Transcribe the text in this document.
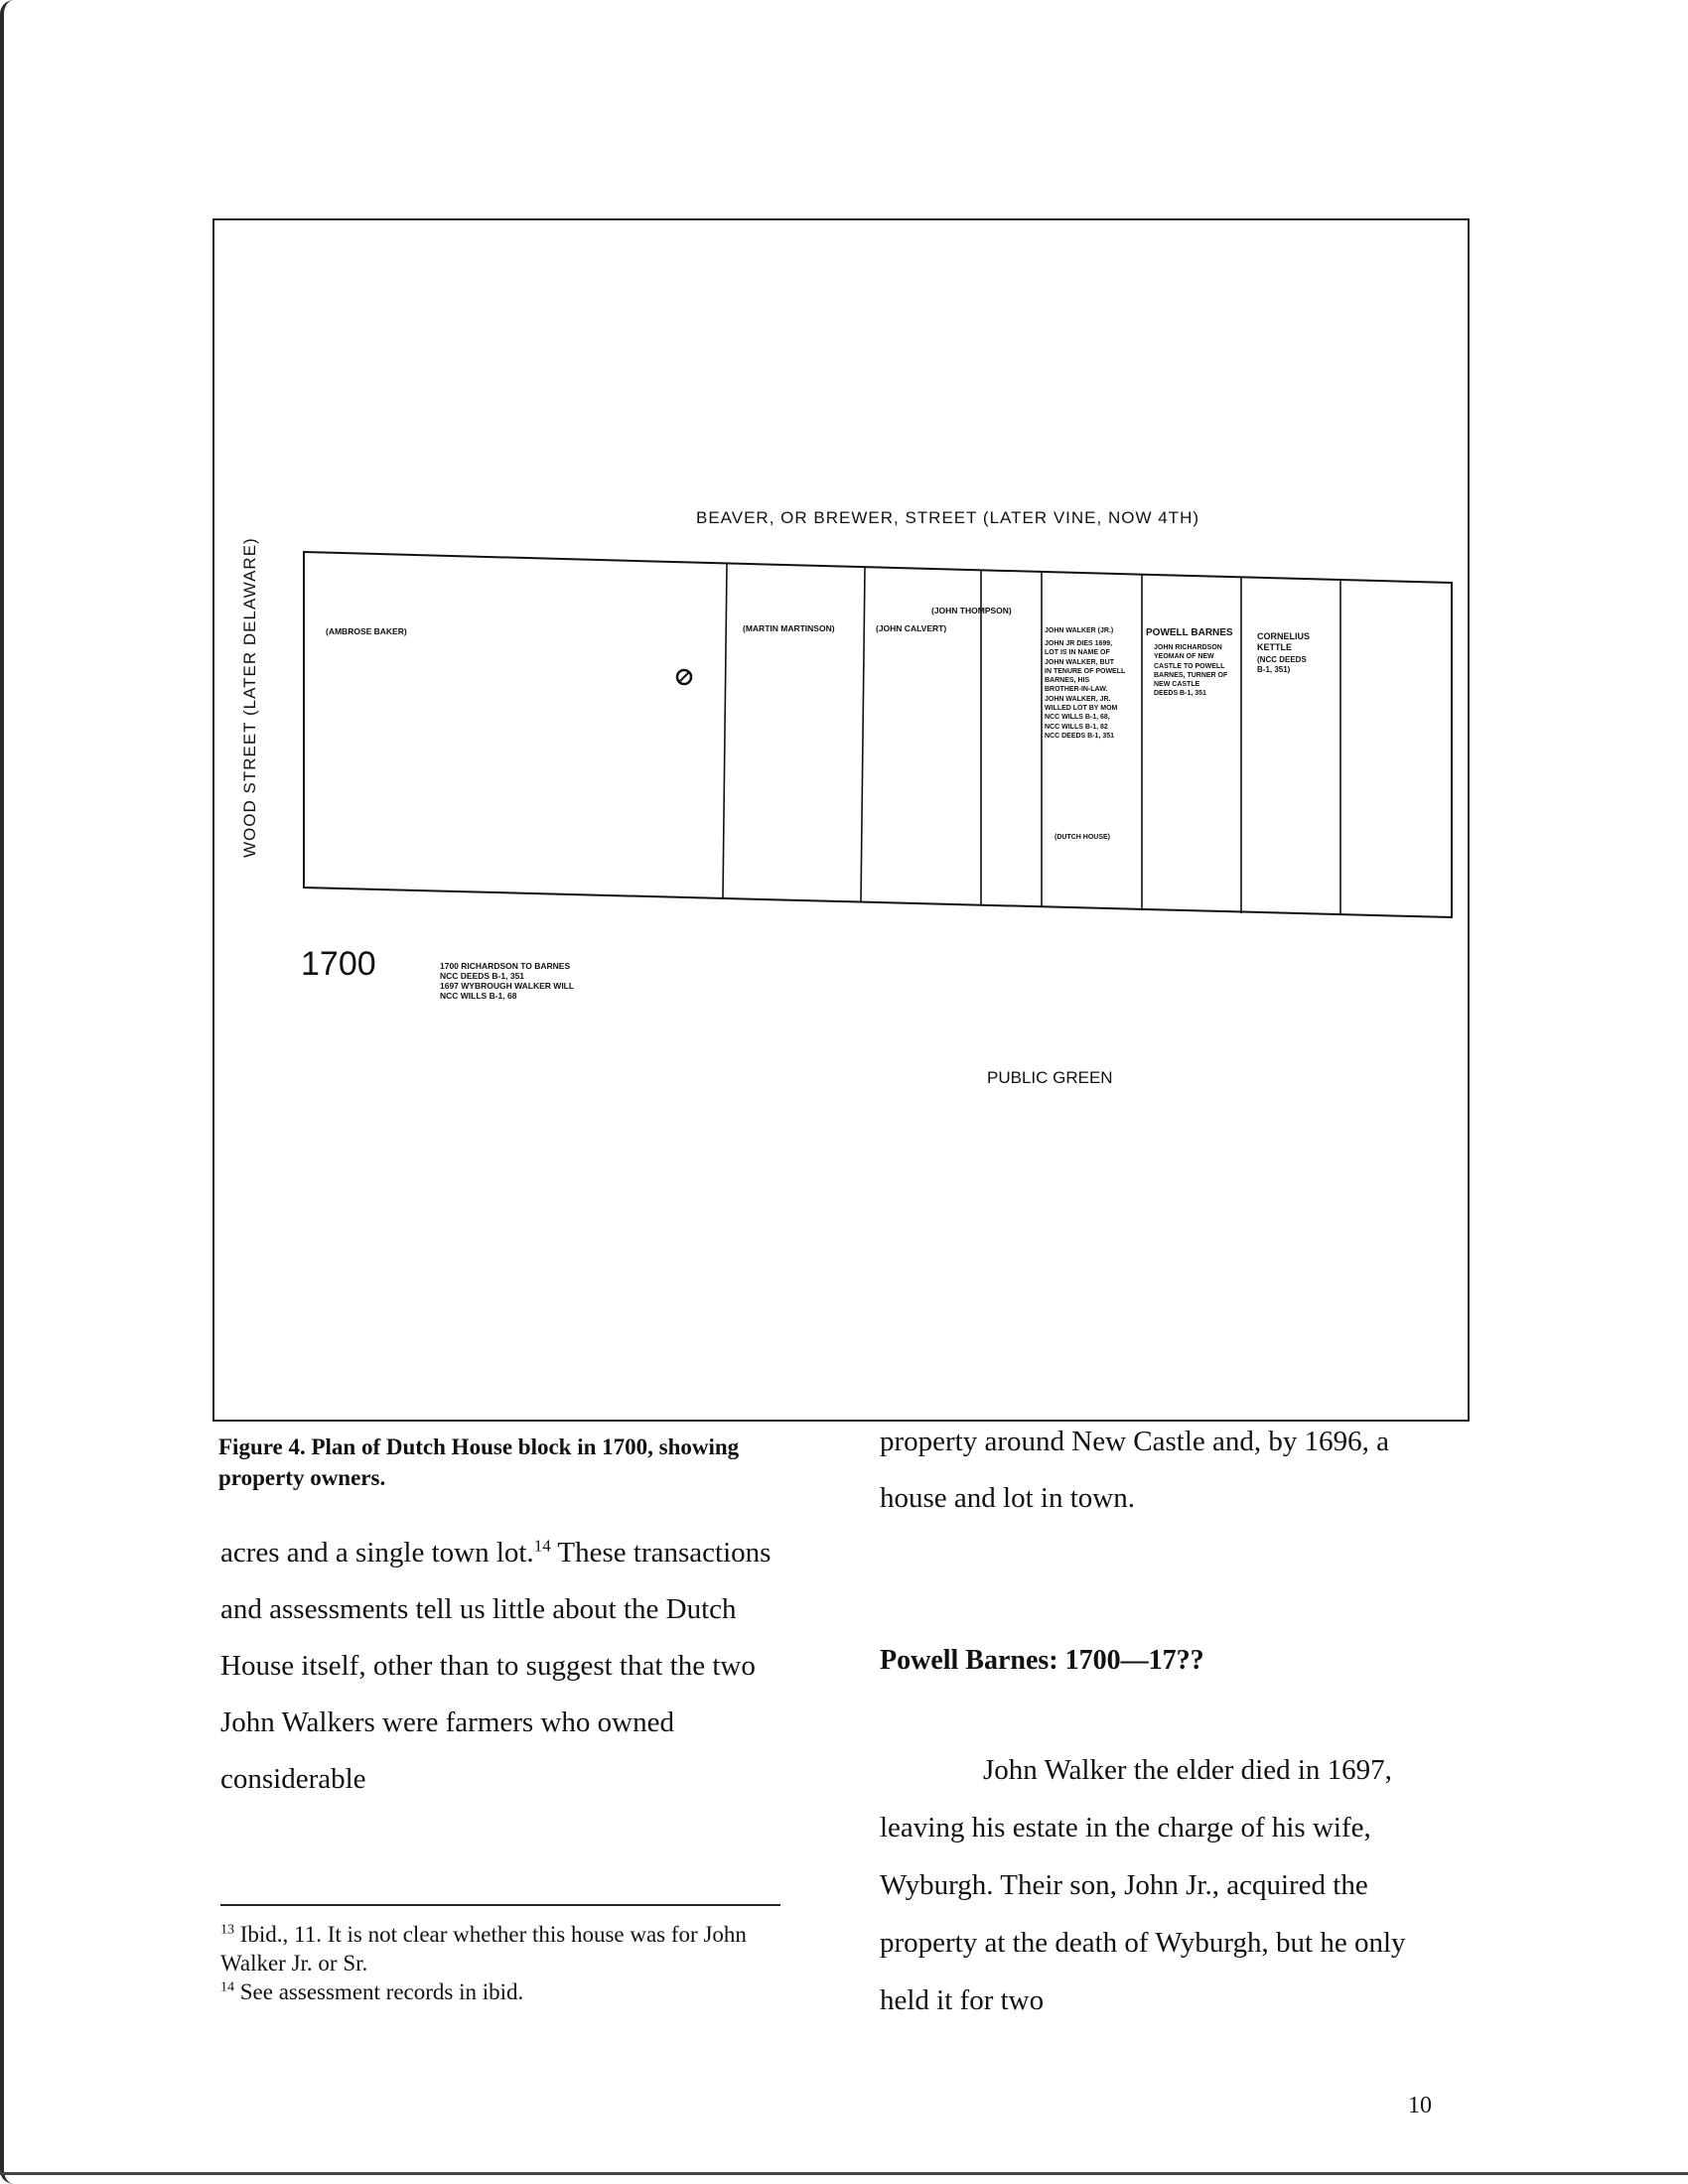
BEAVER, OR BREWER, STREET (LATER VINE, NOW 4TH)
WOOD STREET (LATER DELAWARE)	(AMBROSE BAKER)	(MARTIN MARTINSON)	(JOHN CALVERT)
(JOHN THOMPSON)
JOHN WALKER (JR.)
JOHN JR DIES 1699,
LOT IS IN NAME OF
JOHN WALKER, BUT
IN TENURE OF POWELL
BARNES, HIS
BROTHER-IN-LAW.
JOHN WALKER, JR.
WILLED LOT BY MOM
NCC WILLS B-1, 68,
NCC WILLS B-1, 82
NCC DEEDS B-1, 351
(DUTCH HOUSE)
POWELL BARNES
JOHN RICHARDSON
YEOMAN OF NEW
CASTLE TO POWELL
BARNES, TURNER OF
NEW CASTLE
DEEDS B-1, 351
CORNELIUS
KETTLE
(NCC DEEDS
B-1, 351)
1700	1700 RICHARDSON TO BARNES
NCC DEEDS B-1, 351
1697 WYBROUGH WALKER WILL
NCC WILLS B-1, 68
PUBLIC GREEN
Figure 4. Plan of Dutch House block in 1700, showing property owners.

acres and a single town lot.$^{14}$ These transactions and assessments tell us little about the Dutch House itself, other than to suggest that the two John Walkers were farmers who owned considerable

property around New Castle and, by 1696, a house and lot in town.

Powell Barnes: 1700—17??

John Walker the elder died in 1697, leaving his estate in the charge of his wife, Wyburgh. Their son, John Jr., acquired the property at the death of Wyburgh, but he only held it for two

$^{13}$ Ibid., 11. It is not clear whether this house was for John Walker Jr. or Sr.

$^{14}$ See assessment records in ibid.

10
